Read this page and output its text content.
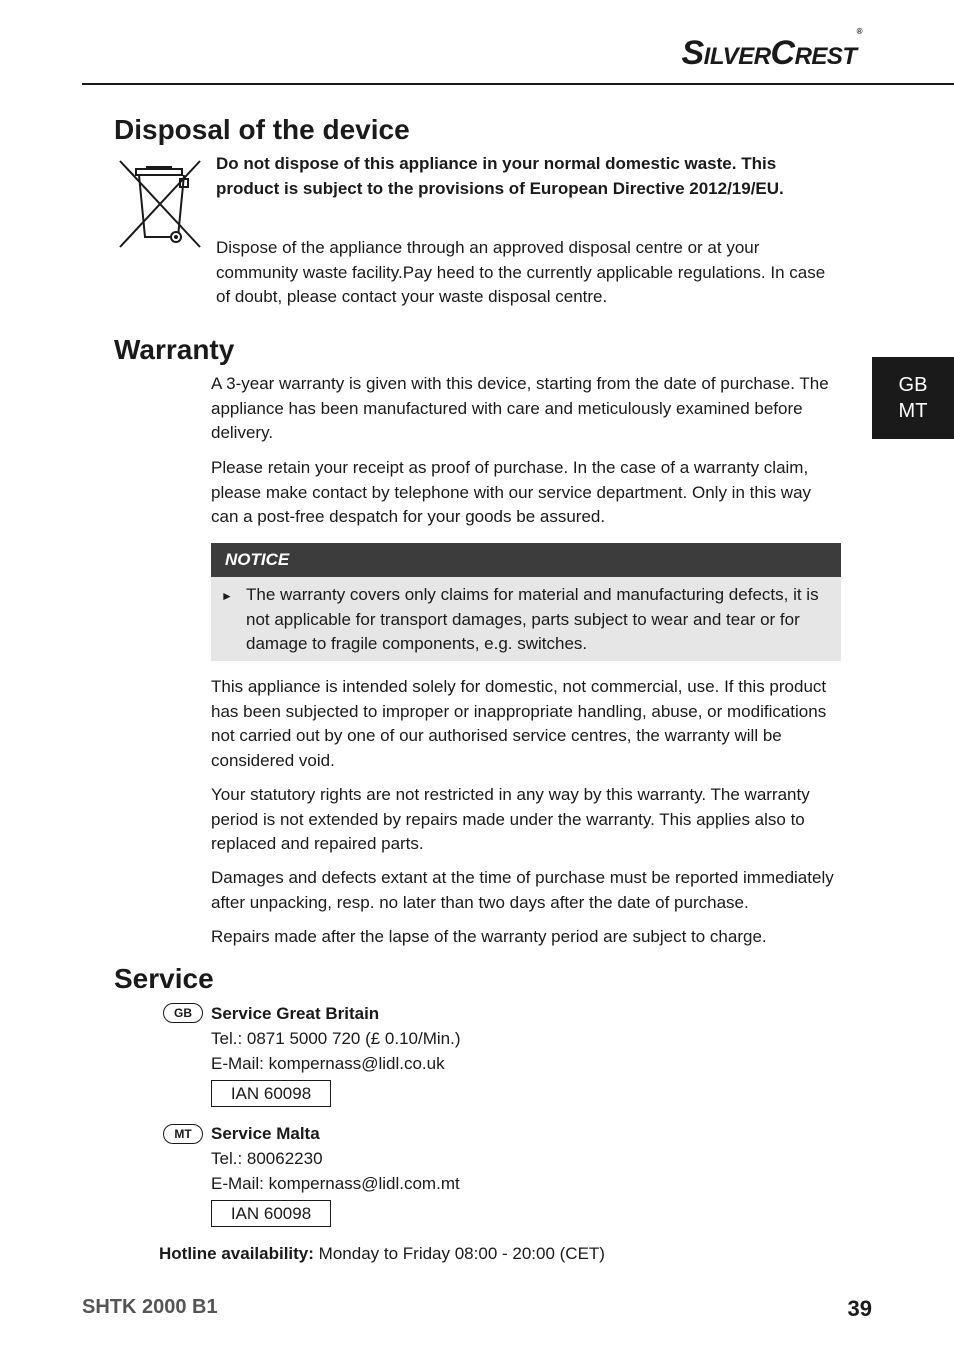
SilverCrest®
GB
MT
Disposal of the device

Do not dispose of this appliance in your normal domestic waste. This product is subject to the provisions of European Directive 2012/19/EU.

Dispose of the appliance through an approved disposal centre or at your community waste facility.Pay heed to the currently applicable regulations. In case of doubt, please contact your waste disposal centre.

Warranty

A 3-year warranty is given with this device, starting from the date of purchase. The appliance has been manufactured with care and meticulously examined before delivery.

Please retain your receipt as proof of purchase. In the case of a warranty claim, please make contact by telephone with our service department. Only in this way can a post-free despatch for your goods be assured.

NOTICE
► The warranty covers only claims for material and manufacturing defects, it is not applicable for transport damages, parts subject to wear and tear or for damage to fragile components, e.g. switches.

This appliance is intended solely for domestic, not commercial, use. If this product has been subjected to improper or inappropriate handling, abuse, or modifications not carried out by one of our authorised service centres, the warranty will be considered void.

Your statutory rights are not restricted in any way by this warranty. The warranty period is not extended by repairs made under the warranty. This applies also to replaced and repaired parts.

Damages and defects extant at the time of purchase must be reported immediately after unpacking, resp. no later than two days after the date of purchase.

Repairs made after the lapse of the warranty period are subject to charge.

Service
GB	Service Great Britain

Tel.: 0871 5000 720 (£ 0.10/Min.)

E-Mail: kompernass@lidl.co.uk

IAN 60098
MT	Service Malta

Tel.: 80062230

E-Mail: kompernass@lidl.com.mt

IAN 60098

Hotline availability: Monday to Friday 08:00 - 20:00 (CET)

SHTK 2000 B1	39
